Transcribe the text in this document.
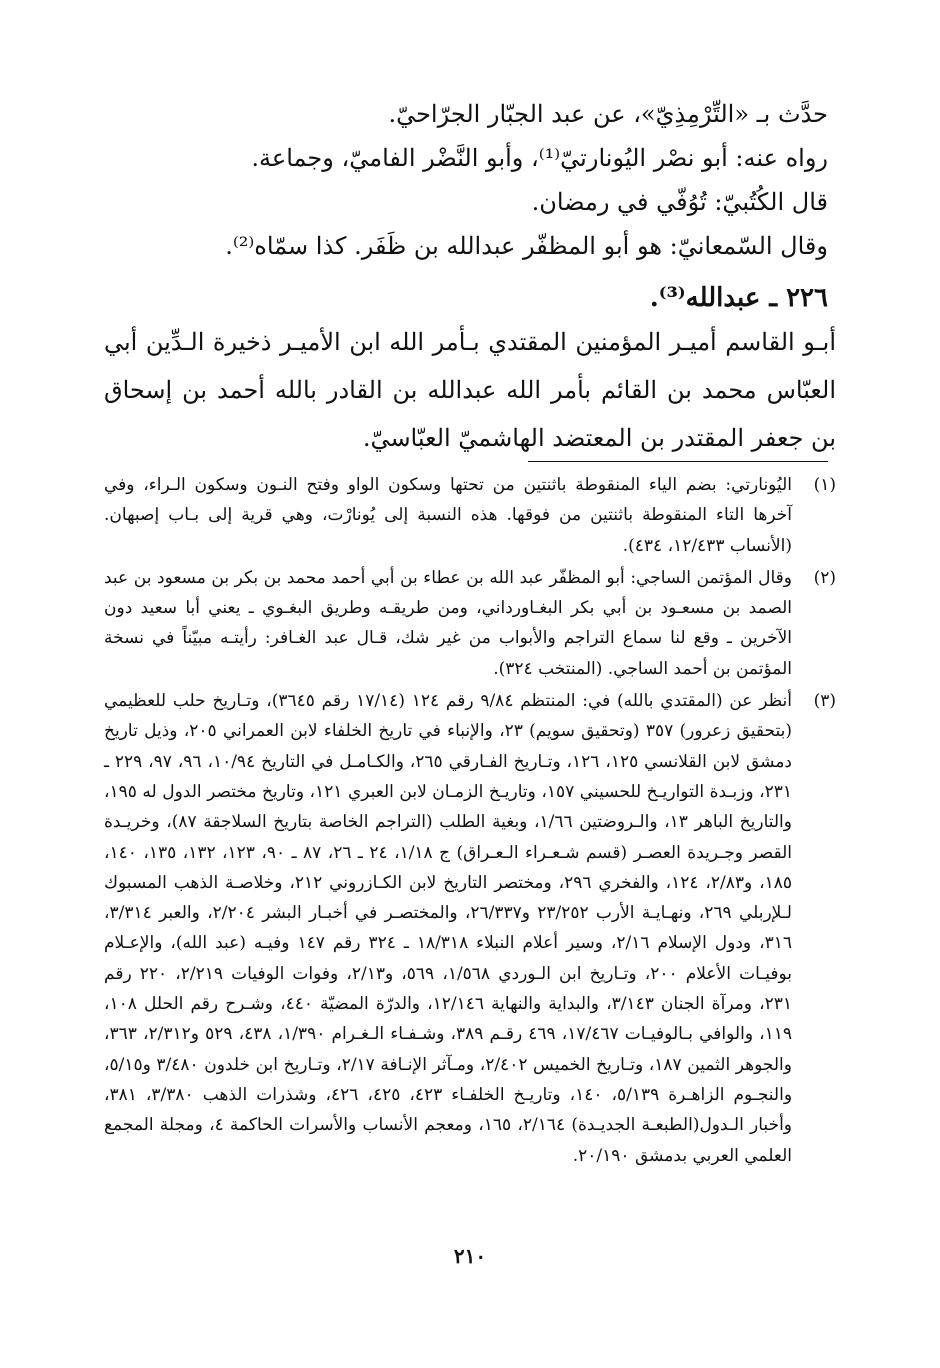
حدَّث بـ «التِّرْمِذِيّ»، عن عبد الجبّار الجرّاحيّ.
رواه عنه: أبو نصْر اليُونارتيّ⁽¹⁾، وأبو النَّضْر الفاميّ، وجماعة.
قال الكُتُبيّ: تُوُفّي في رمضان.
وقال السّمعانيّ: هو أبو المظفّر عبدالله بن ظَفَر. كذا سمّاه⁽²⁾.
٢٢٦ ـ عبدالله⁽³⁾.
أبـو القاسم أميـر المؤمنين المقتدي بـأمر الله ابن الأميـر ذخيرة الـدِّين أبي العبّاس محمد بن القائم بأمر الله عبدالله بن القادر بالله أحمد بن إسحاق بن جعفر المقتدر بن المعتضد الهاشميّ العبّاسيّ.
(١)
اليُونارتي: بضم الياء المنقوطة باثنتين من تحتها وسكون الواو وفتح النـون وسكون الـراء، وفي آخرها التاء المنقوطة باثنتين من فوقها. هذه النسبة إلى يُونارْت، وهي قرية إلى بـاب إصبهان. (الأنساب ١٢/٤٣٣، ٤٣٤).
(٢)
وقال المؤتمن الساجي: أبو المظفّر عبد الله بن عطاء بن أبي أحمد محمد بن بكر بن مسعود بن عبد الصمد بن مسعـود بن أبي بكر البغـاورداني، ومن طريقـه وطريق البغـوي ـ يعني أبا سعيد دون الآخرين ـ وقع لنا سماع التراجم والأبواب من غير شك، قـال عبد الغـافر: رأيتـه مبيّناً في نسخة المؤتمن بن أحمد الساجي. (المنتخب ٣٢٤).
(٣)
أنظر عن (المقتدي بالله) في: المنتظم ٩/٨٤ رقم ١٢٤ (١٧/١٤ رقم ٣٦٤٥)، وتـاريخ حلب للعظيمي (بتحقيق زعرور) ٣٥٧ (وتحقيق سويم) ٢٣، والإنباء في تاريخ الخلفاء لابن العمراني ٢٠٥، وذيل تاريخ دمشق لابن القلانسي ١٢٥، ١٢٦، وتـاريخ الفـارقي ٢٦٥، والكـامـل في التاريخ ١٠/٩٤، ٩٦، ٩٧، ٢٢٩ ـ ٢٣١، وزبـدة التواريـخ للحسيني ١٥٧، وتاريـخ الزمـان لابن العبري ١٢١، وتاريخ مختصر الدول له ١٩٥، والتاريخ الباهر ١٣، والـروضتين ١/٦٦، وبغية الطلب (التراجم الخاصة بتاريخ السلاجقة ٨٧)، وخريـدة القصر وجـريدة العصـر (قسم شـعـراء الـعـراق) ج ١/١٨، ٢٤ ـ ٢٦، ٨٧ ـ ٩٠، ١٢٣، ١٣٢، ١٣٥، ١٤٠، ١٨٥، و٢/٨٣، ١٢٤، والفخري ٢٩٦، ومختصر التاريخ لابن الكـازروني ٢١٢، وخلاصـة الذهب المسبوك لـلإربلي ٢٦٩، ونهـايـة الأرب ٢٣/٢٥٢ و٢٦/٣٣٧، والمختصـر في أخبـار البشر ٢/٢٠٤، والعبر ٣/٣١٤، ٣١٦، ودول الإسلام ٢/١٦، وسير أعلام النبلاء ١٨/٣١٨ ـ ٣٢٤ رقم ١٤٧ وفيـه (عبد الله)، والإعـلام بوفيـات الأعلام ٢٠٠، وتـاريخ ابن الـوردي ١/٥٦٨، ٥٦٩، و٢/١٣، وفوات الوفيات ٢/٢١٩، ٢٢٠ رقم ٢٣١، ومرآة الجنان ٣/١٤٣، والبداية والنهاية ١٢/١٤٦، والدرّة المضيّة ٤٤٠، وشـرح رقم الحلل ١٠٨، ١١٩، والوافي بـالوفيـات ١٧/٤٦٧، ٤٦٩ رقـم ٣٨٩، وشـفـاء الـغـرام ١/٣٩٠، ٤٣٨، ٥٢٩ و٢/٣١٢، ٣٦٣، والجوهر الثمين ١٨٧، وتـاريخ الخميس ٢/٤٠٢، ومـآثر الإنـافة ٢/١٧، وتـاريخ ابن خلدون ٣/٤٨٠ و٥/١٥، والنجـوم الزاهـرة ٥/١٣٩، ١٤٠، وتاريـخ الخلفـاء ٤٢٣، ٤٢٥، ٤٢٦، وشذرات الذهب ٣/٣٨٠، ٣٨١، وأخبار الـدول(الطبعـة الجديـدة) ٢/١٦٤، ١٦٥، ومعجم الأنساب والأسرات الحاكمة ٤، ومجلة المجمع العلمي العربي بدمشق ٢٠/١٩٠.
٢١٠
